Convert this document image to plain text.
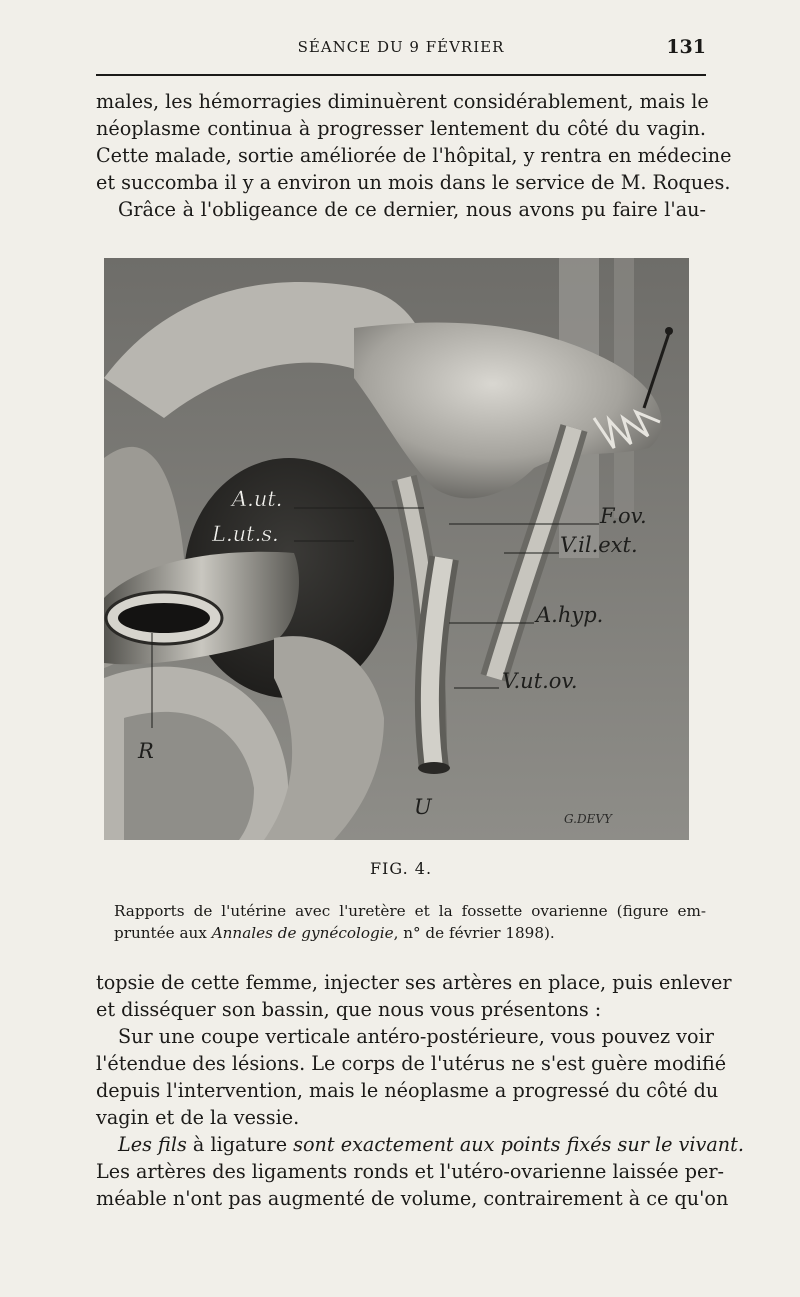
SÉANCE DU 9 FÉVRIER	131
males, les hémorragies diminuèrent considérablement, mais le
néoplasme continua à progresser lentement du côté du vagin.
Cette malade, sortie améliorée de l'hôpital, y rentra en médecine
et succomba il y a environ un mois dans le service de M. Roques.
Grâce à l'obligeance de ce dernier, nous avons pu faire l'au-
A.ut.
L.ut.s.
F.ov.
V.il.ext.
A.hyp.
V.ut.ov.
R
U	G.DEVY
FIG. 4.
Rapports de l'utérine avec l'uretère et la fossette ovarienne (figure em-
pruntée aux Annales de gynécologie, n° de février 1898).
topsie de cette femme, injecter ses artères en place, puis enlever
et disséquer son bassin, que nous vous présentons :
Sur une coupe verticale antéro-postérieure, vous pouvez voir
l'étendue des lésions. Le corps de l'utérus ne s'est guère modifié
depuis l'intervention, mais le néoplasme a progressé du côté du
vagin et de la vessie.
Les fils à ligature sont exactement aux points fixés sur le vivant.
Les artères des ligaments ronds et l'utéro-ovarienne laissée per-
méable n'ont pas augmenté de volume, contrairement à ce qu'on
